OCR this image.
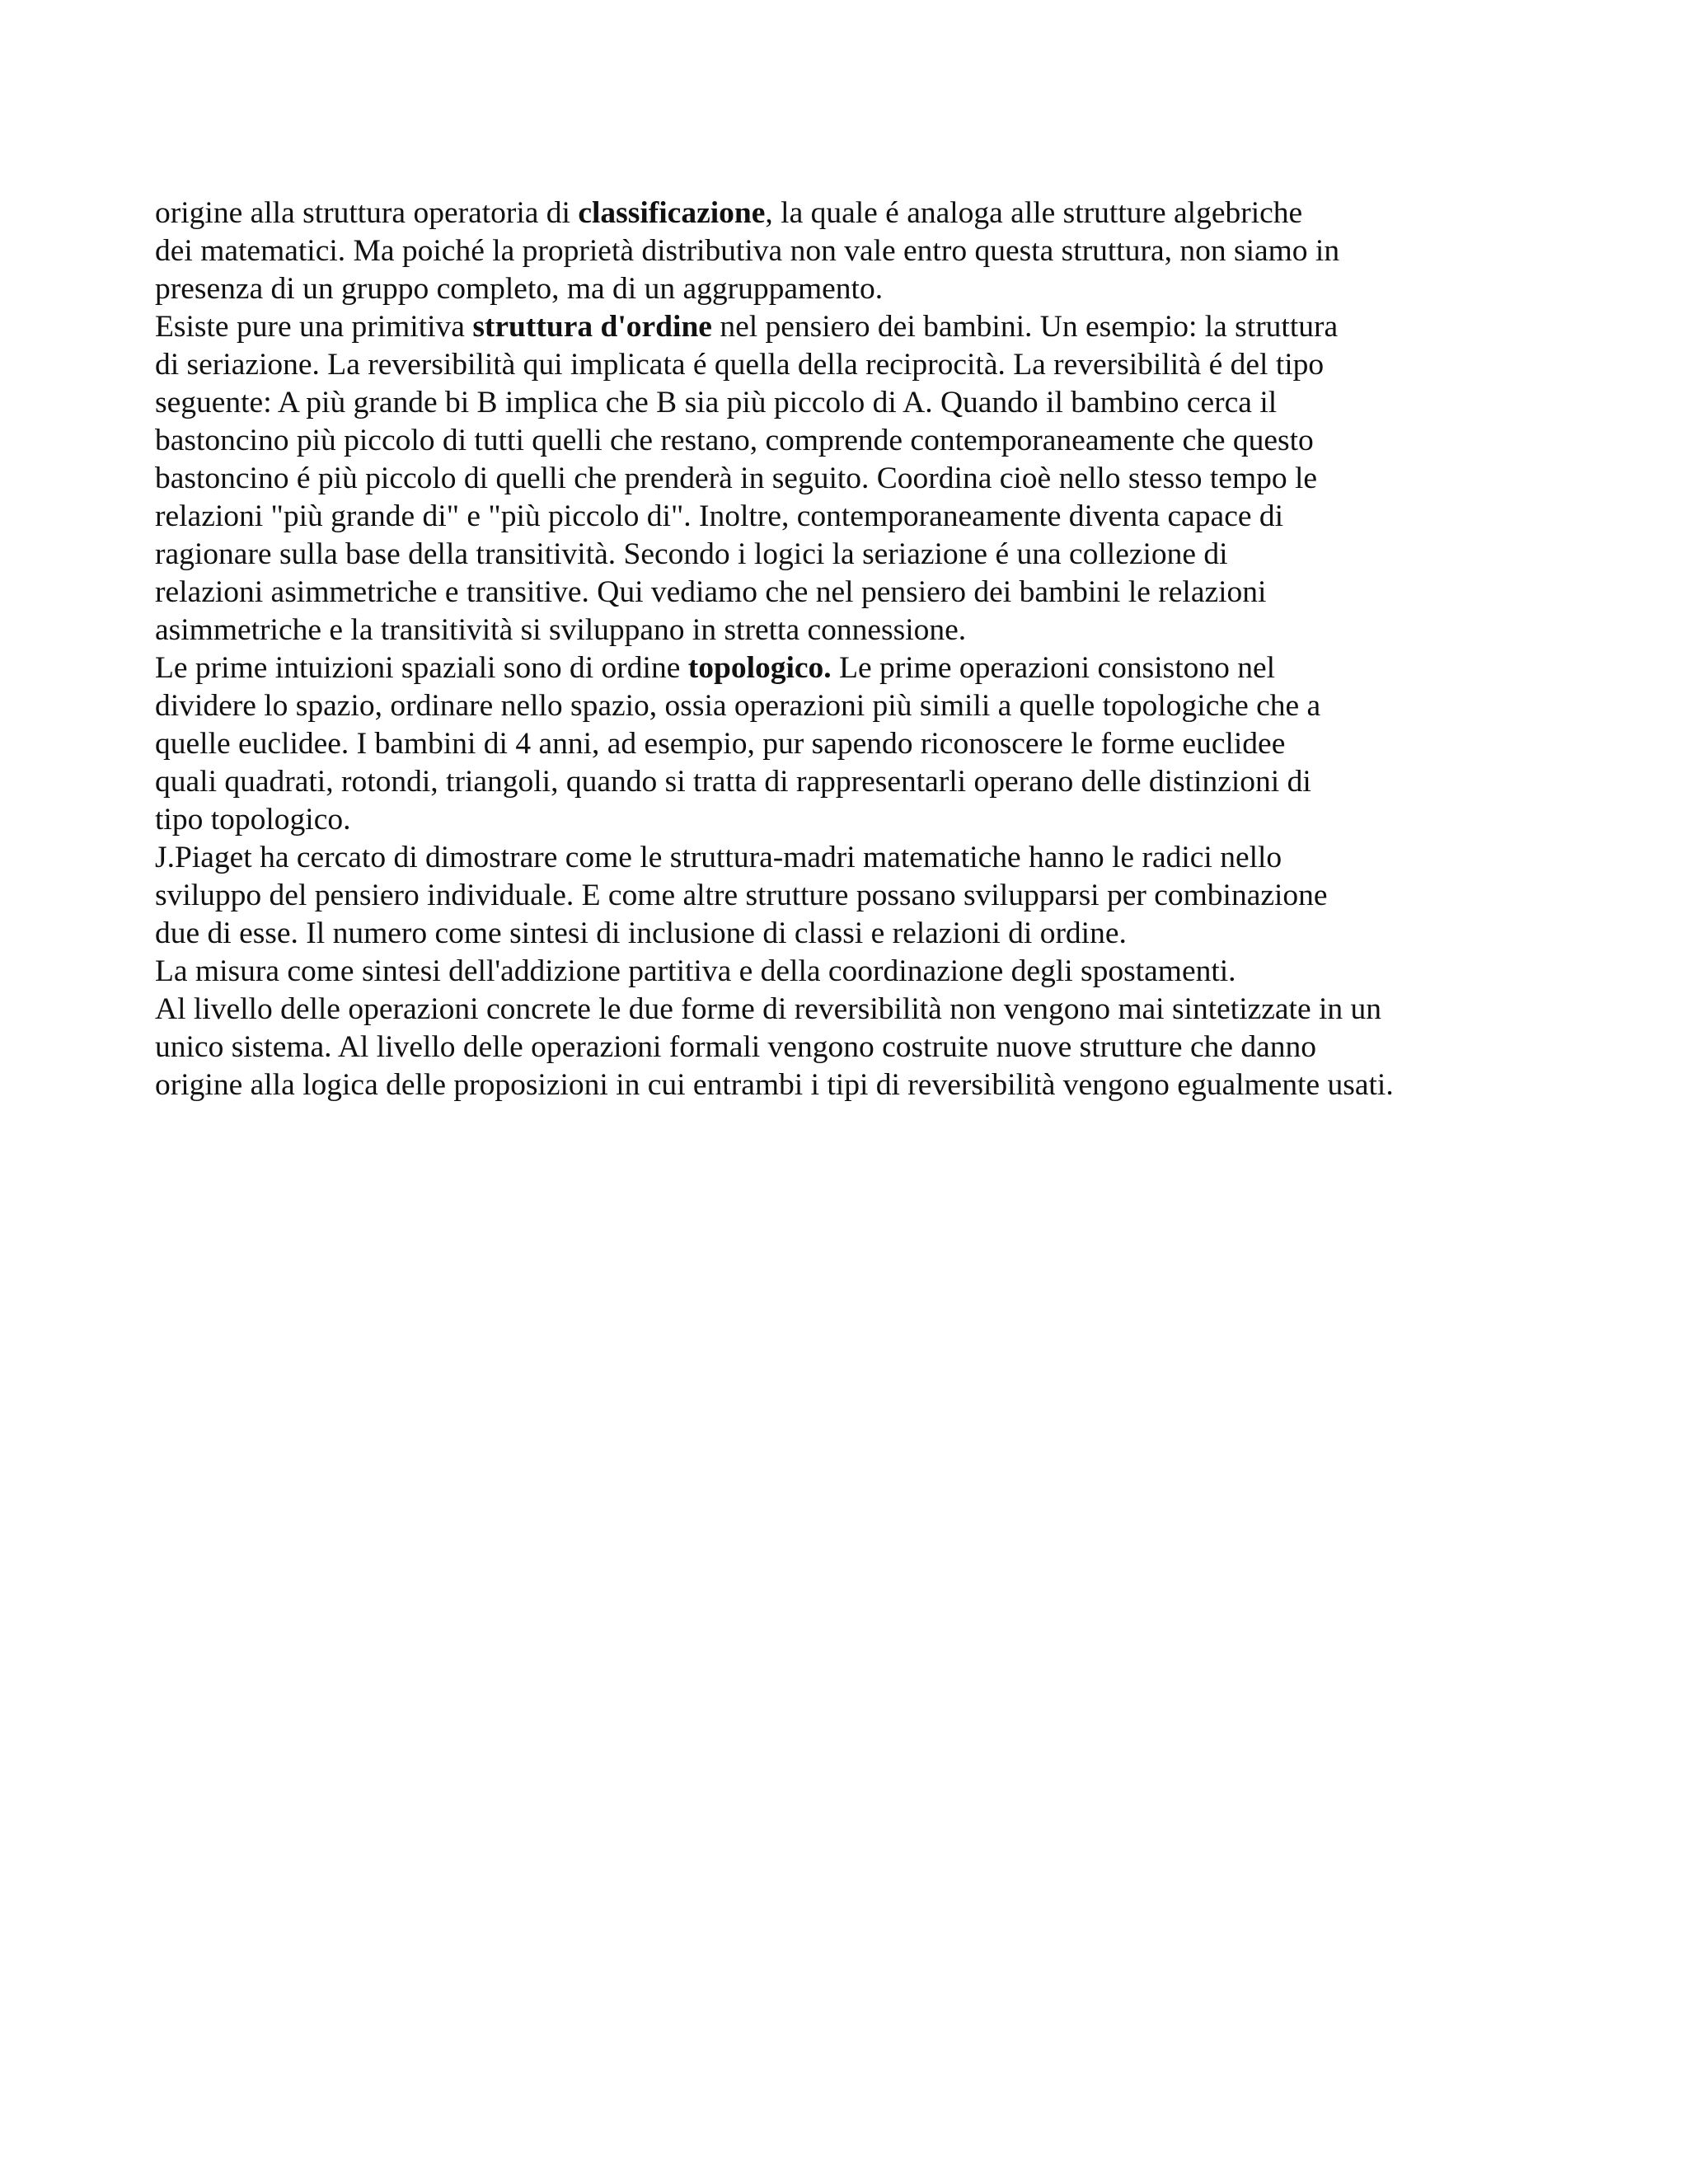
origine alla struttura operatoria di classificazione, la quale é analoga alle strutture algebriche
dei matematici. Ma poiché la proprietà distributiva non vale entro questa struttura, non siamo in
presenza di un gruppo completo, ma di un aggruppamento.
Esiste pure una primitiva struttura d'ordine nel pensiero dei bambini. Un esempio: la struttura
di seriazione. La reversibilità qui implicata é quella della reciprocità. La reversibilità é del tipo
seguente: A più grande bi B implica che B sia più piccolo di A. Quando il bambino cerca il
bastoncino più piccolo di tutti quelli che restano, comprende contemporaneamente che questo
bastoncino é più piccolo di quelli che prenderà in seguito. Coordina cioè nello stesso tempo le
relazioni "più grande di" e "più piccolo di". Inoltre, contemporaneamente diventa capace di
ragionare sulla base della transitività. Secondo i logici la seriazione é una collezione di
relazioni asimmetriche e transitive. Qui vediamo che nel pensiero dei bambini le relazioni
asimmetriche e la transitività si sviluppano in stretta connessione.
Le prime intuizioni spaziali sono di ordine topologico. Le prime operazioni consistono nel
dividere lo spazio, ordinare nello spazio, ossia operazioni più simili a quelle topologiche che a
quelle euclidee. I bambini di 4 anni, ad esempio, pur sapendo riconoscere le forme euclidee
quali quadrati, rotondi, triangoli, quando si tratta di rappresentarli operano delle distinzioni di
tipo topologico.
J.Piaget ha cercato di dimostrare come le struttura-madri matematiche hanno le radici nello
sviluppo del pensiero individuale. E come altre strutture possano svilupparsi per combinazione
due di esse. Il numero come sintesi di inclusione di classi e relazioni di ordine.
La misura come sintesi dell'addizione partitiva e della coordinazione degli spostamenti.
Al livello delle operazioni concrete le due forme di reversibilità non vengono mai sintetizzate in un
unico sistema. Al livello delle operazioni formali vengono costruite nuove strutture che danno
origine alla logica delle proposizioni in cui entrambi i tipi di reversibilità vengono egualmente usati.
